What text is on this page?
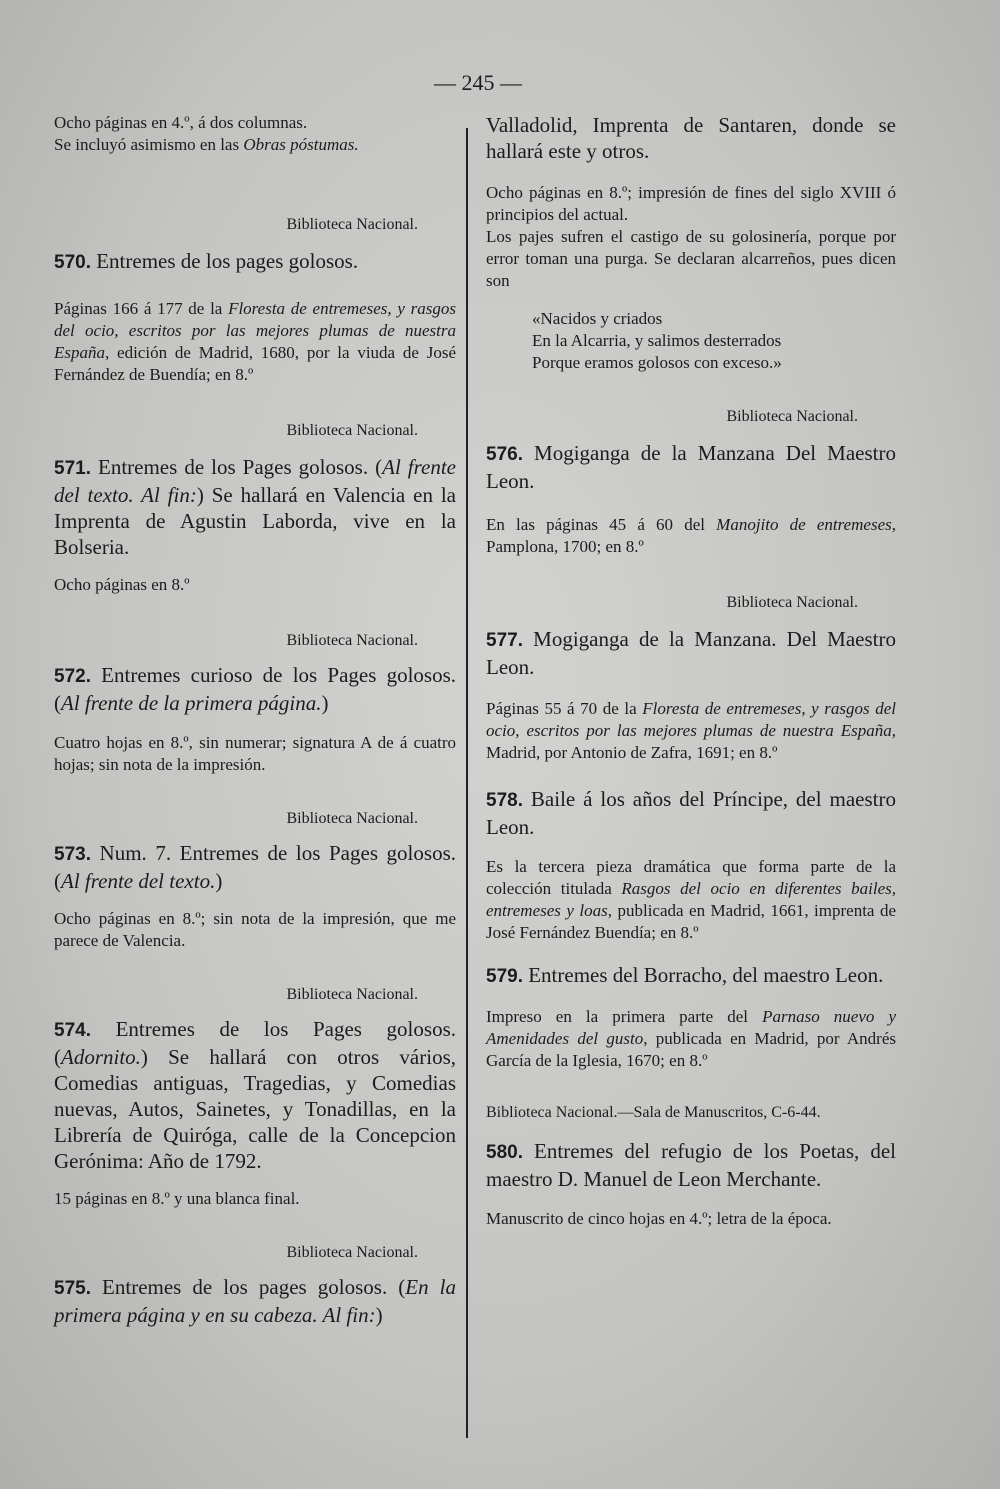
— 245 —

Ocho páginas en 4.º, á dos columnas.

Se incluyó asimismo en las Obras póstumas.

Biblioteca Nacional.

570. Entremes de los pages golosos.

Páginas 166 á 177 de la Floresta de entremeses, y rasgos del ocio, escritos por las mejores plumas de nuestra España, edición de Madrid, 1680, por la viuda de José Fernández de Buendía; en 8.º

Biblioteca Nacional.

571. Entremes de los Pages golosos. (Al frente del texto. Al fin:) Se hallará en Valencia en la Imprenta de Agustin Laborda, vive en la Bolseria.

Ocho páginas en 8.º

Biblioteca Nacional.

572. Entremes curioso de los Pages golosos. (Al frente de la primera página.)

Cuatro hojas en 8.º, sin numerar; signatura A de á cuatro hojas; sin nota de la impresión.

Biblioteca Nacional.

573. Num. 7. Entremes de los Pages golosos. (Al frente del texto.)

Ocho páginas en 8.º; sin nota de la impresión, que me parece de Valencia.

Biblioteca Nacional.

574. Entremes de los Pages golosos. (Adornito.) Se hallará con otros vários, Comedias antiguas, Tragedias, y Comedias nuevas, Autos, Sainetes, y Tonadillas, en la Librería de Quiróga, calle de la Concepcion Gerónima: Año de 1792.

15 páginas en 8.º y una blanca final.

Biblioteca Nacional.

575. Entremes de los pages golosos. (En la primera página y en su cabeza. Al fin:)

Valladolid, Imprenta de Santaren, donde se hallará este y otros.

Ocho páginas en 8.º; impresión de fines del siglo XVIII ó principios del actual.

Los pajes sufren el castigo de su golosinería, porque por error toman una purga. Se declaran alcarreños, pues dicen son

«Nacidos y criados

En la Alcarria, y salimos desterrados

Porque eramos golosos con exceso.»

Biblioteca Nacional.

576. Mogiganga de la Manzana Del Maestro Leon.

En las páginas 45 á 60 del Manojito de entremeses, Pamplona, 1700; en 8.º

Biblioteca Nacional.

577. Mogiganga de la Manzana. Del Maestro Leon.

Páginas 55 á 70 de la Floresta de entremeses, y rasgos del ocio, escritos por las mejores plumas de nuestra España, Madrid, por Antonio de Zafra, 1691; en 8.º

578. Baile á los años del Príncipe, del maestro Leon.

Es la tercera pieza dramática que forma parte de la colección titulada Rasgos del ocio en diferentes bailes, entremeses y loas, publicada en Madrid, 1661, imprenta de José Fernández Buendía; en 8.º

579. Entremes del Borracho, del maestro Leon.

Impreso en la primera parte del Parnaso nuevo y Amenidades del gusto, publicada en Madrid, por Andrés García de la Iglesia, 1670; en 8.º

Biblioteca Nacional.—Sala de Manuscritos, C-6-44.

580. Entremes del refugio de los Poetas, del maestro D. Manuel de Leon Merchante.

Manuscrito de cinco hojas en 4.º; letra de la época.
